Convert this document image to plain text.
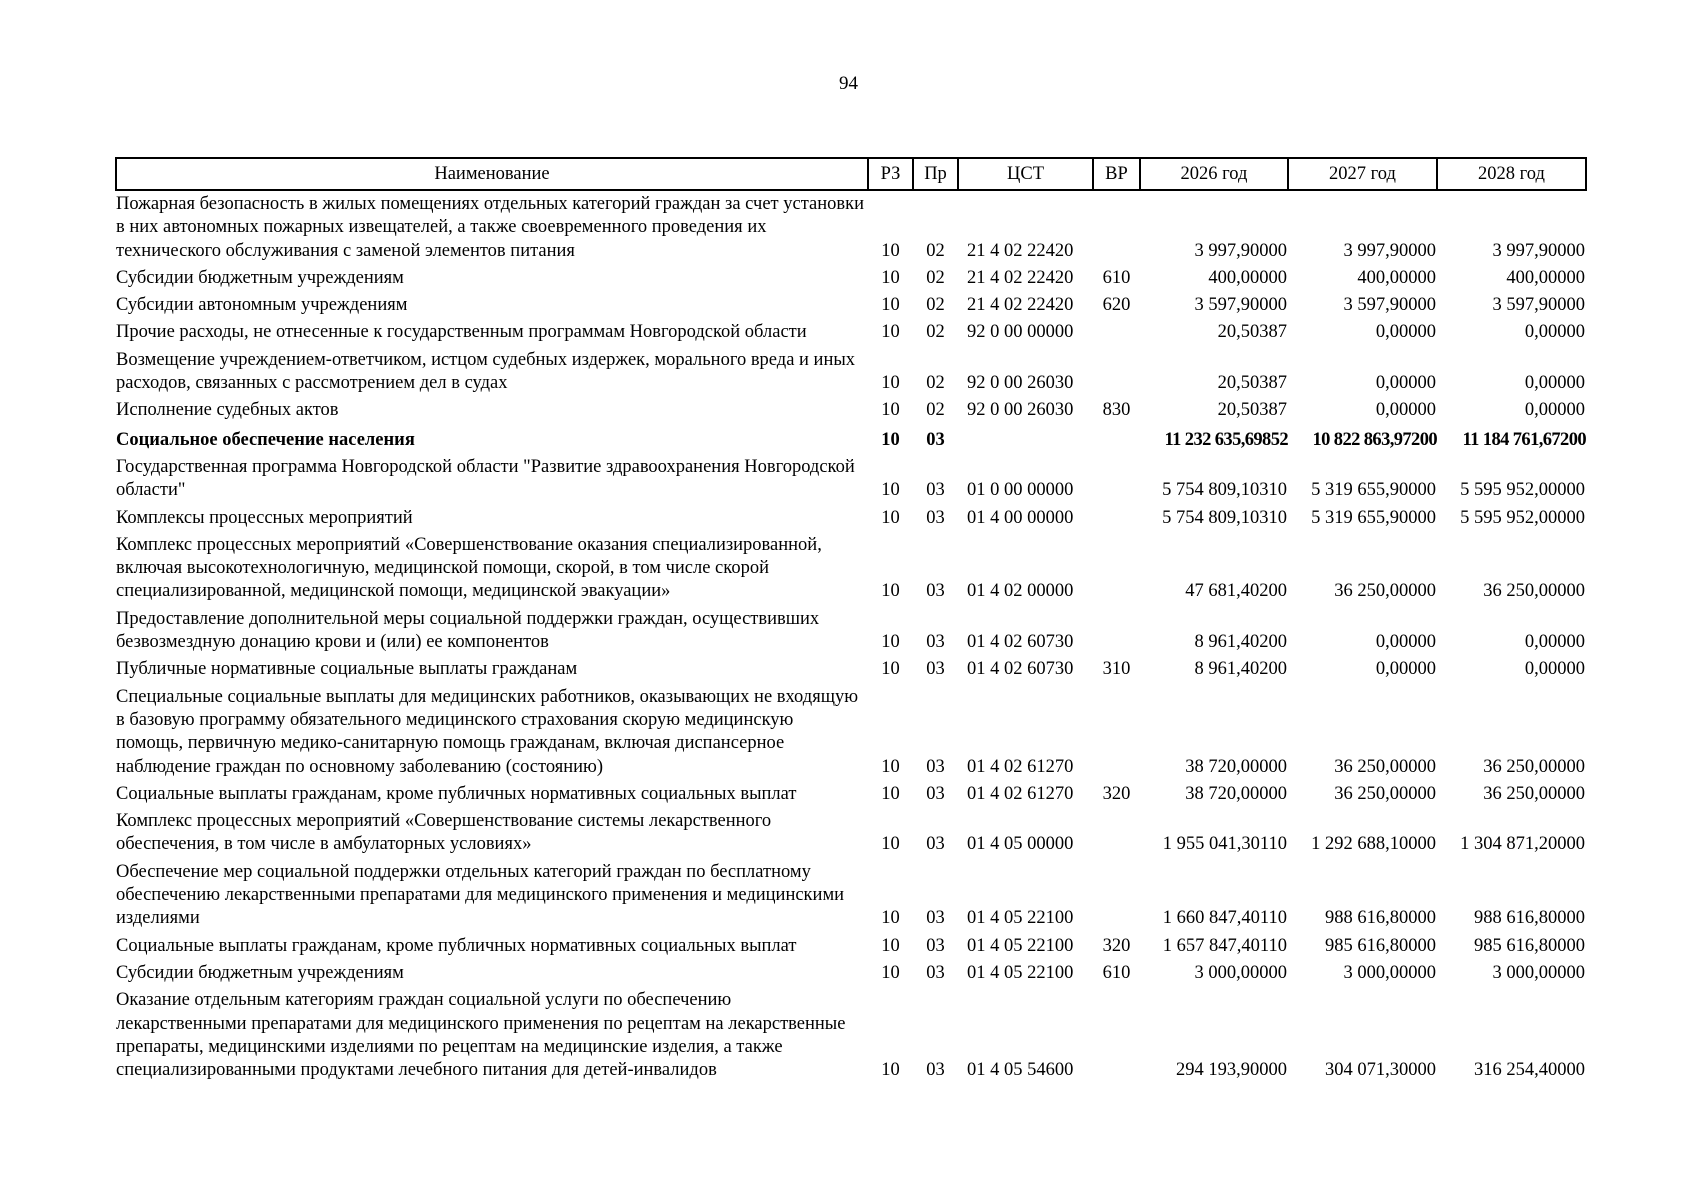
94
Наименование	РЗ	Пр	ЦСТ	ВР	2026 год	2027 год	2028 год
Пожарная безопасность в жилых помещениях отдельных категорий граждан за счет установки в них автономных пожарных извещателей, а также своевременного проведения их технического обслуживания с заменой элементов питания	10	02	21 4 02 22420		3 997,90000	3 997,90000	3 997,90000
Субсидии бюджетным учреждениям	10	02	21 4 02 22420	610	400,00000	400,00000	400,00000
Субсидии автономным учреждениям	10	02	21 4 02 22420	620	3 597,90000	3 597,90000	3 597,90000
Прочие расходы, не отнесенные к государственным программам Новгородской области	10	02	92 0 00 00000		20,50387	0,00000	0,00000
Возмещение учреждением-ответчиком, истцом судебных издержек, морального вреда и иных расходов, связанных с рассмотрением дел в судах	10	02	92 0 00 26030		20,50387	0,00000	0,00000
Исполнение судебных актов	10	02	92 0 00 26030	830	20,50387	0,00000	0,00000
Социальное обеспечение населения	10	03			11 232 635,69852	10 822 863,97200	11 184 761,67200
Государственная программа Новгородской области "Развитие здравоохранения Новгородской области"	10	03	01 0 00 00000		5 754 809,10310	5 319 655,90000	5 595 952,00000
Комплексы процессных мероприятий	10	03	01 4 00 00000		5 754 809,10310	5 319 655,90000	5 595 952,00000
Комплекс процессных мероприятий «Совершенствование оказания специализированной, включая высокотехнологичную, медицинской помощи, скорой, в том числе скорой специализированной, медицинской помощи, медицинской эвакуации»	10	03	01 4 02 00000		47 681,40200	36 250,00000	36 250,00000
Предоставление дополнительной меры социальной поддержки граждан, осуществивших безвозмездную донацию крови и (или) ее компонентов	10	03	01 4 02 60730		8 961,40200	0,00000	0,00000
Публичные нормативные социальные выплаты гражданам	10	03	01 4 02 60730	310	8 961,40200	0,00000	0,00000
Специальные социальные выплаты для медицинских работников, оказывающих не входящую в базовую программу обязательного медицинского страхования скорую медицинскую помощь, первичную медико-санитарную помощь гражданам, включая диспансерное наблюдение граждан по основному заболеванию (состоянию)	10	03	01 4 02 61270		38 720,00000	36 250,00000	36 250,00000
Социальные выплаты гражданам, кроме публичных нормативных социальных выплат	10	03	01 4 02 61270	320	38 720,00000	36 250,00000	36 250,00000
Комплекс процессных мероприятий «Совершенствование системы лекарственного обеспечения, в том числе в амбулаторных условиях»	10	03	01 4 05 00000		1 955 041,30110	1 292 688,10000	1 304 871,20000
Обеспечение мер социальной поддержки отдельных категорий граждан по бесплатному обеспечению лекарственными препаратами для медицинского применения и медицинскими изделиями	10	03	01 4 05 22100		1 660 847,40110	988 616,80000	988 616,80000
Социальные выплаты гражданам, кроме публичных нормативных социальных выплат	10	03	01 4 05 22100	320	1 657 847,40110	985 616,80000	985 616,80000
Субсидии бюджетным учреждениям	10	03	01 4 05 22100	610	3 000,00000	3 000,00000	3 000,00000
Оказание отдельным категориям граждан социальной услуги по обеспечению лекарственными препаратами для медицинского применения по рецептам на лекарственные препараты, медицинскими изделиями по рецептам на медицинские изделия, а также специализированными продуктами лечебного питания для детей-инвалидов	10	03	01 4 05 54600		294 193,90000	304 071,30000	316 254,40000
